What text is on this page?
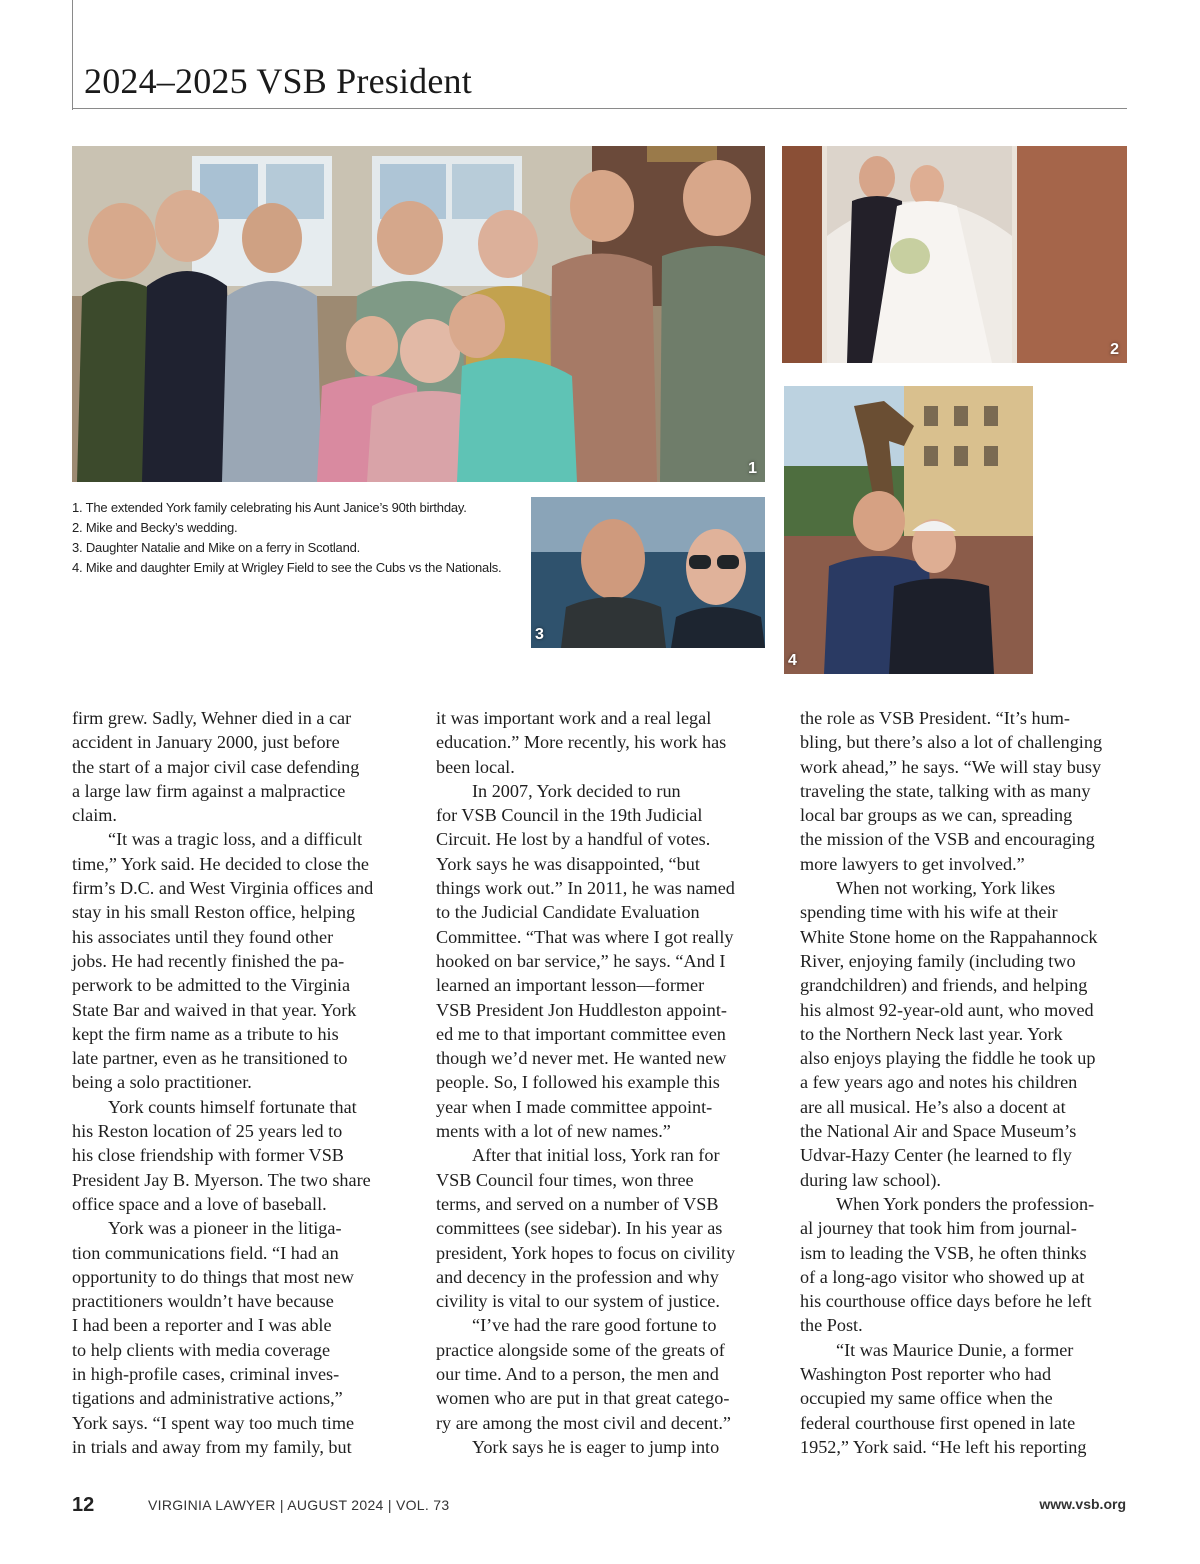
2024–2025 VSB President
1
2
3
4
1. The extended York family celebrating his Aunt Janice’s 90th birthday.
2. Mike and Becky’s wedding.
3. Daughter Natalie and Mike on a ferry in Scotland.
4. Mike and daughter Emily at Wrigley Field to see the Cubs vs the Nationals.
firm grew. Sadly, Wehner died in a car
accident in January 2000, just before
the start of a major civil case defending
a large law firm against a malpractice
claim.
“It was a tragic loss, and a difficult
time,” York said. He decided to close the
firm’s D.C. and West Virginia offices and
stay in his small Reston office, helping
his associates until they found other
jobs. He had recently finished the pa-
perwork to be admitted to the Virginia
State Bar and waived in that year. York
kept the firm name as a tribute to his
late partner, even as he transitioned to
being a solo practitioner.
York counts himself fortunate that
his Reston location of 25 years led to
his close friendship with former VSB
President Jay B. Myerson. The two share
office space and a love of baseball.
York was a pioneer in the litiga-
tion communications field. “I had an
opportunity to do things that most new
practitioners wouldn’t have because
I had been a reporter and I was able
to help clients with media coverage
in high-profile cases, criminal inves-
tigations and administrative actions,”
York says. “I spent way too much time
in trials and away from my family, but
it was important work and a real legal
education.” More recently, his work has
been local.
In 2007, York decided to run
for VSB Council in the 19th Judicial
Circuit. He lost by a handful of votes.
York says he was disappointed, “but
things work out.” In 2011, he was named
to the Judicial Candidate Evaluation
Committee. “That was where I got really
hooked on bar service,” he says. “And I
learned an important lesson—former
VSB President Jon Huddleston appoint-
ed me to that important committee even
though we’d never met. He wanted new
people. So, I followed his example this
year when I made committee appoint-
ments with a lot of new names.”
After that initial loss, York ran for
VSB Council four times, won three
terms, and served on a number of VSB
committees (see sidebar). In his year as
president, York hopes to focus on civility
and decency in the profession and why
civility is vital to our system of justice.
“I’ve had the rare good fortune to
practice alongside some of the greats of
our time. And to a person, the men and
women who are put in that great catego-
ry are among the most civil and decent.”
York says he is eager to jump into
the role as VSB President. “It’s hum-
bling, but there’s also a lot of challenging
work ahead,” he says. “We will stay busy
traveling the state, talking with as many
local bar groups as we can, spreading
the mission of the VSB and encouraging
more lawyers to get involved.”
When not working, York likes
spending time with his wife at their
White Stone home on the Rappahannock
River, enjoying family (including two
grandchildren) and friends, and helping
his almost 92-year-old aunt, who moved
to the Northern Neck last year. York
also enjoys playing the fiddle he took up
a few years ago and notes his children
are all musical. He’s also a docent at
the National Air and Space Museum’s
Udvar-Hazy Center (he learned to fly
during law school).
When York ponders the profession-
al journey that took him from journal-
ism to leading the VSB, he often thinks
of a long-ago visitor who showed up at
his courthouse office days before he left
the Post.
“It was Maurice Dunie, a former
Washington Post reporter who had
occupied my same office when the
federal courthouse first opened in late
1952,” York said. “He left his reporting
12	VIRGINIA LAWYER | AUGUST 2024 | VOL. 73	www.vsb.org
